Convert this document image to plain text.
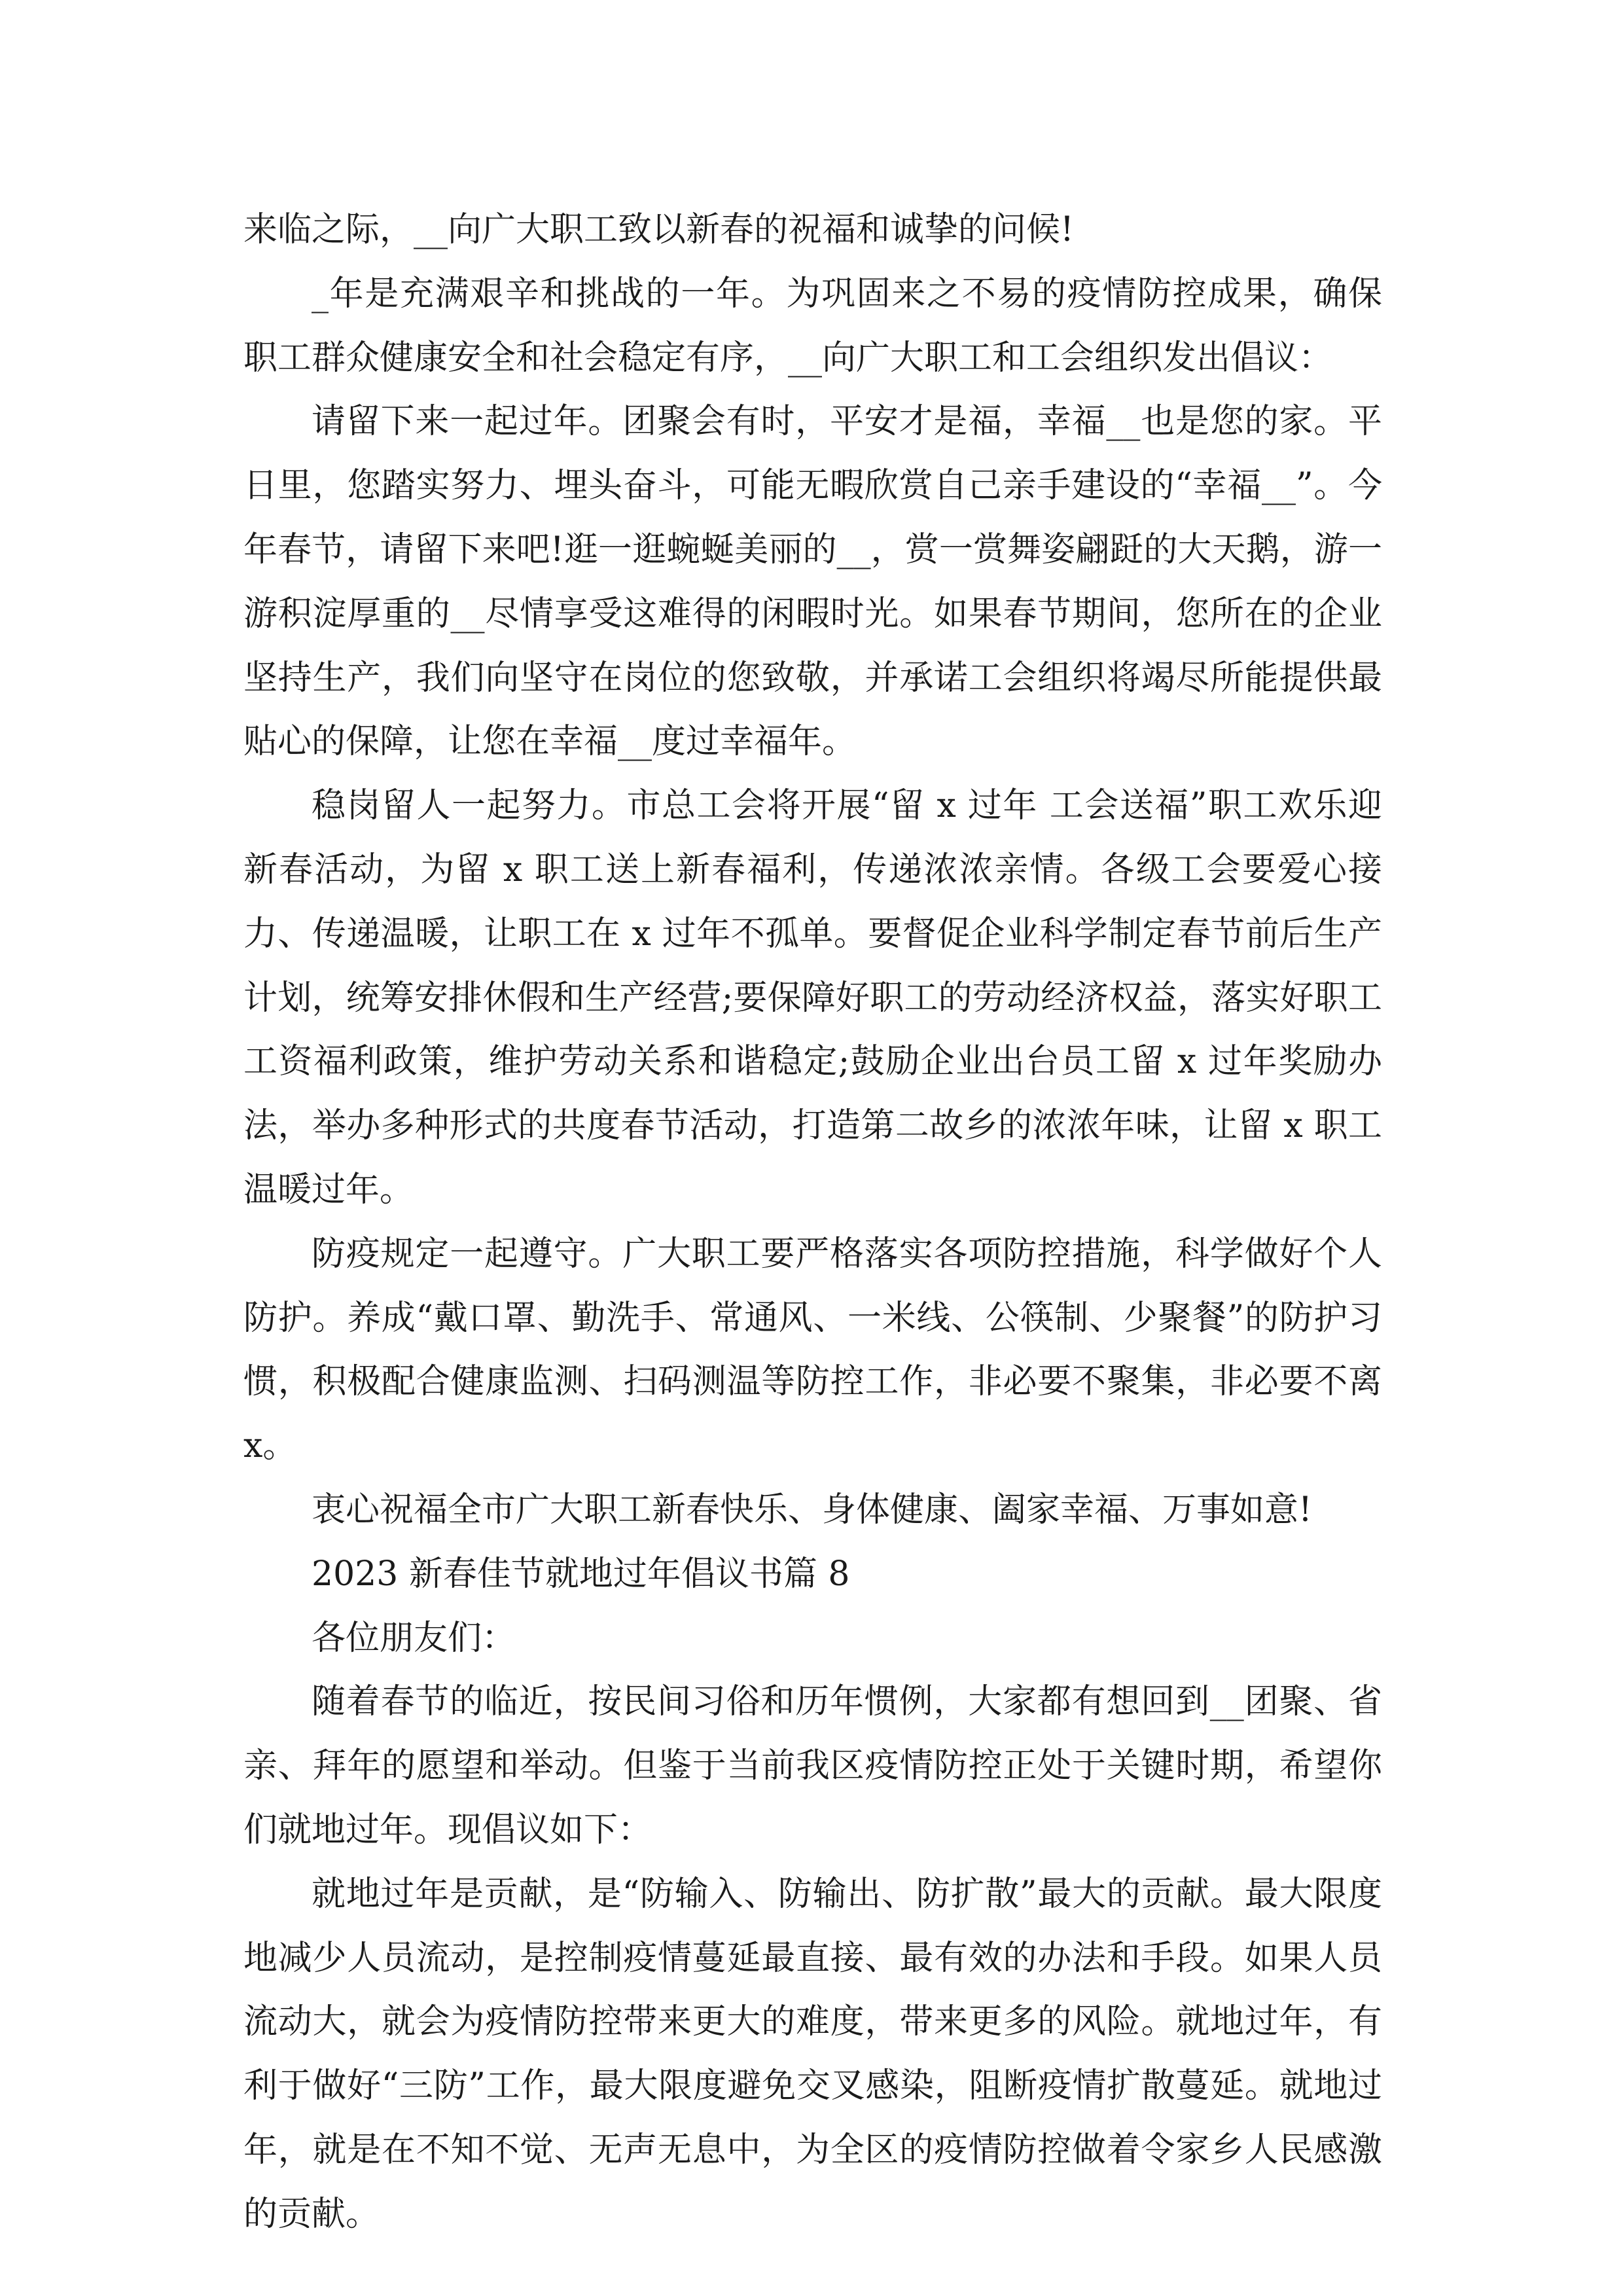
来临之际，__向广大职工致以新春的祝福和诚挚的问候!

_年是充满艰辛和挑战的一年。为巩固来之不易的疫情防控成果，确保职工群众健康安全和社会稳定有序，__向广大职工和工会组织发出倡议：

请留下来一起过年。团聚会有时，平安才是福，幸福__也是您的家。平日里，您踏实努力、埋头奋斗，可能无暇欣赏自己亲手建设的“幸福__”。今年春节，请留下来吧!逛一逛蜿蜒美丽的__，赏一赏舞姿翩跹的大天鹅，游一游积淀厚重的__尽情享受这难得的闲暇时光。如果春节期间，您所在的企业坚持生产，我们向坚守在岗位的您致敬，并承诺工会组织将竭尽所能提供最贴心的保障，让您在幸福__度过幸福年。

稳岗留人一起努力。市总工会将开展“留 x 过年 工会送福”职工欢乐迎新春活动，为留 x 职工送上新春福利，传递浓浓亲情。各级工会要爱心接力、传递温暖，让职工在 x 过年不孤单。要督促企业科学制定春节前后生产计划，统筹安排休假和生产经营;要保障好职工的劳动经济权益，落实好职工工资福利政策，维护劳动关系和谐稳定;鼓励企业出台员工留 x 过年奖励办法，举办多种形式的共度春节活动，打造第二故乡的浓浓年味，让留 x 职工温暖过年。

防疫规定一起遵守。广大职工要严格落实各项防控措施，科学做好个人防护。养成“戴口罩、勤洗手、常通风、一米线、公筷制、少聚餐”的防护习惯，积极配合健康监测、扫码测温等防控工作，非必要不聚集，非必要不离 x。

衷心祝福全市广大职工新春快乐、身体健康、阖家幸福、万事如意!

2023 新春佳节就地过年倡议书篇 8

各位朋友们：

随着春节的临近，按民间习俗和历年惯例，大家都有想回到__团聚、省亲、拜年的愿望和举动。但鉴于当前我区疫情防控正处于关键时期，希望你们就地过年。现倡议如下：

就地过年是贡献，是“防输入、防输出、防扩散”最大的贡献。最大限度地减少人员流动，是控制疫情蔓延最直接、最有效的办法和手段。如果人员流动大，就会为疫情防控带来更大的难度，带来更多的风险。就地过年，有利于做好“三防”工作，最大限度避免交叉感染，阻断疫情扩散蔓延。就地过年，就是在不知不觉、无声无息中，为全区的疫情防控做着令家乡人民感激的贡献。
